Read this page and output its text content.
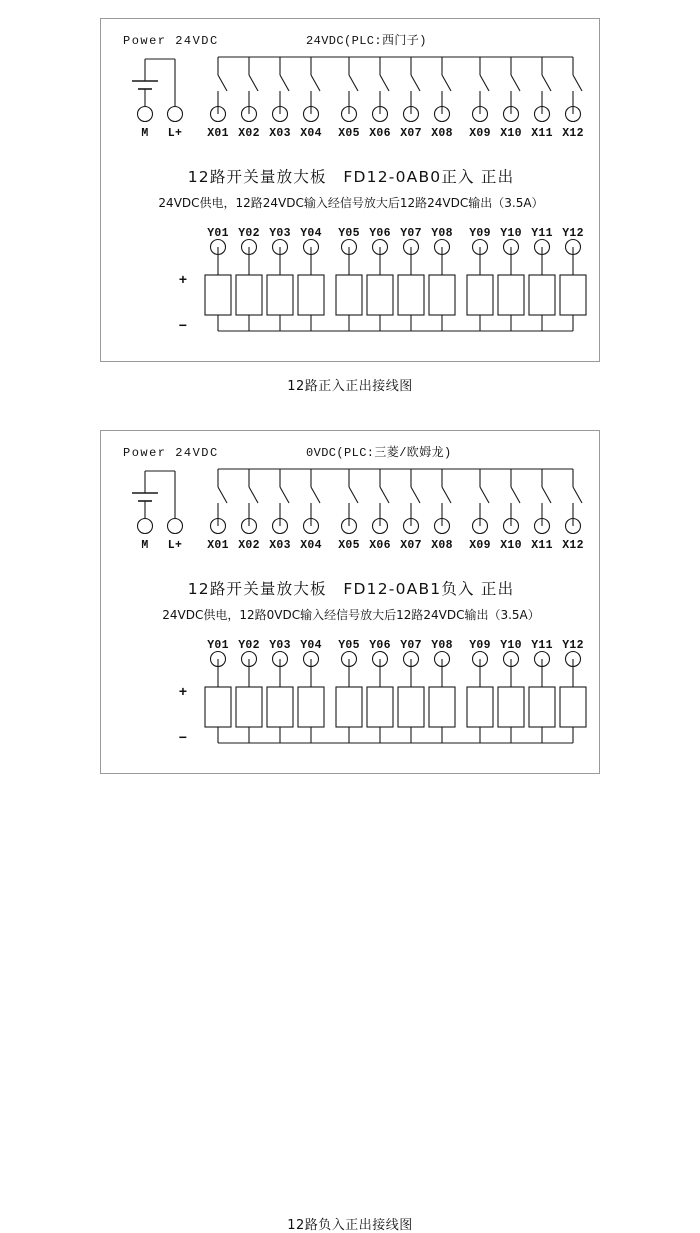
Power 24VDC	24VDC(PLC:西门子)
M L+ X01 X02 X03 X04 X05 X06 X07 X08 X09 X10 X11 X12
Y01 Y02 Y03 Y04 Y05 Y06 Y07 Y08 Y09 Y10 Y11 Y12
+
−
12路开关量放大板　FD12-0AB0正入 正出
24VDC供电，12路24VDC输入经信号放大后12路24VDC输出（3.5A）
12路正入正出接线图
Power 24VDC	0VDC(PLC:三菱/欧姆龙)
M L+ X01 X02 X03 X04 X05 X06 X07 X08 X09 X10 X11 X12
Y01 Y02 Y03 Y04 Y05 Y06 Y07 Y08 Y09 Y10 Y11 Y12
+
−
12路开关量放大板　FD12-0AB1负入 正出
24VDC供电，12路0VDC输入经信号放大后12路24VDC输出（3.5A）
12路负入正出接线图
